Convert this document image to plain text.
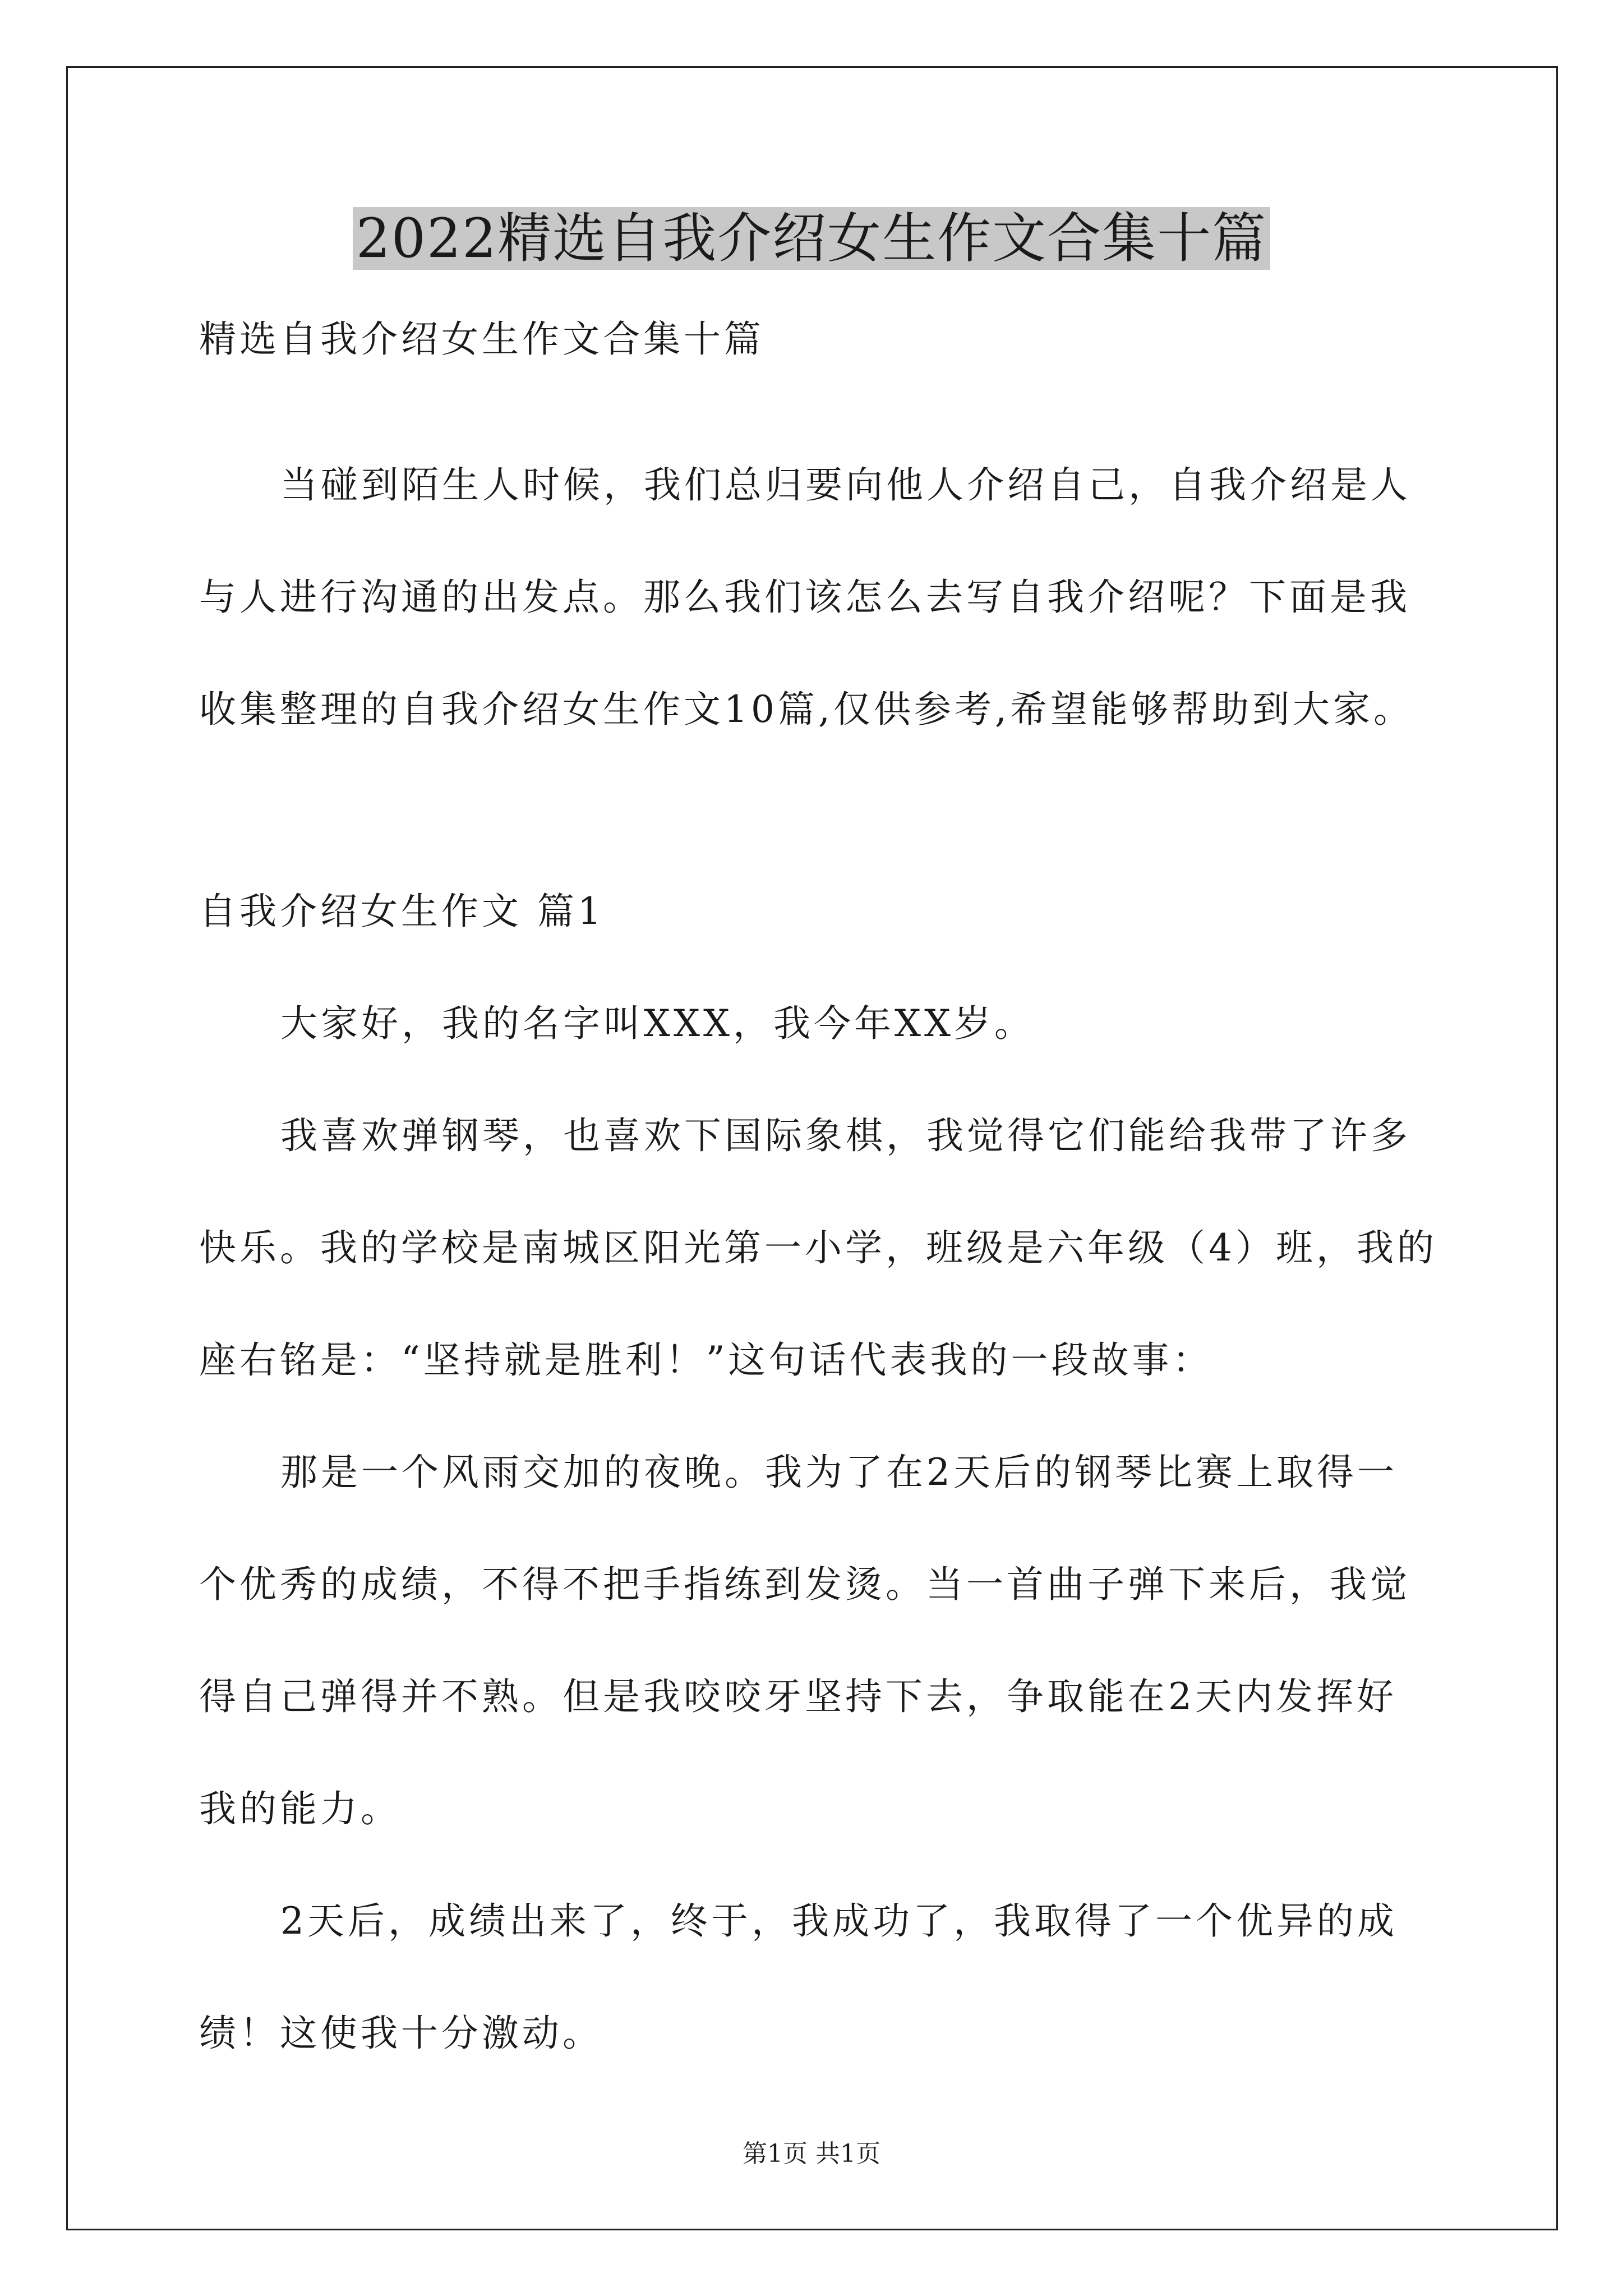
2022精选自我介绍女生作文合集十篇
精选自我介绍女生作文合集十篇
当碰到陌生人时候，我们总归要向他人介绍自己，自我介绍是人
与人进行沟通的出发点。那么我们该怎么去写自我介绍呢？下面是我
收集整理的自我介绍女生作文10篇,仅供参考,希望能够帮助到大家。
自我介绍女生作文 篇1
大家好，我的名字叫XXX，我今年XX岁。
我喜欢弹钢琴，也喜欢下国际象棋，我觉得它们能给我带了许多
快乐。我的学校是南城区阳光第一小学，班级是六年级（4）班，我的
座右铭是：“坚持就是胜利！”这句话代表我的一段故事：
那是一个风雨交加的夜晚。我为了在2天后的钢琴比赛上取得一
个优秀的成绩，不得不把手指练到发烫。当一首曲子弹下来后，我觉
得自己弹得并不熟。但是我咬咬牙坚持下去，争取能在2天内发挥好
我的能力。
2天后，成绩出来了，终于，我成功了，我取得了一个优异的成
绩！这使我十分激动。
第1页 共1页
